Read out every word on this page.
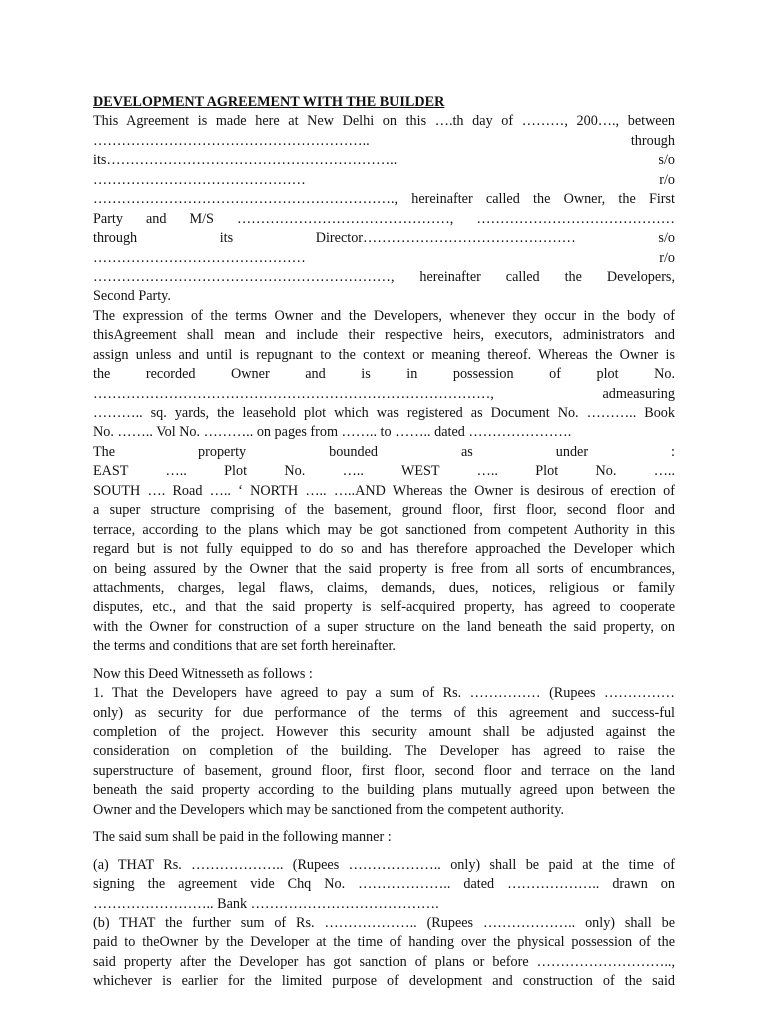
DEVELOPMENT AGREEMENT WITH THE BUILDER
This Agreement is made here at New Delhi on this ….th day of ………, 200…., between
………………………………………………….. through
its…………………………………………………….. s/o
……………………………………… r/o
………………………………………………………., hereinafter called the Owner, the First
Party and M/S ………………………………………, ……………………………………
through its Director……………………………………… s/o
……………………………………… r/o
………………………………………………………, hereinafter called the Developers,
Second Party.
The expression of the terms Owner and the Developers, whenever they occur in the body of
thisAgreement shall mean and include their respective heirs, executors, administrators and
assign unless and until is repugnant to the context or meaning thereof. Whereas the Owner is
the recorded Owner and is in possession of plot No.
…………………………………………………………………………, admeasuring
……….. sq. yards, the leasehold plot which was registered as Document No. ……….. Book
No. …….. Vol No. ……….. on pages from …….. to …….. dated ………………….
The property bounded as under :
EAST ….. Plot No. ….. WEST ….. Plot No. …..
SOUTH …. Road ….. ‘ NORTH ….. …..AND Whereas the Owner is desirous of erection of
a super structure comprising of the basement, ground floor, first floor, second floor and
terrace, according to the plans which may be got sanctioned from competent Authority in this
regard but is not fully equipped to do so and has therefore approached the Developer which
on being assured by the Owner that the said property is free from all sorts of encumbrances,
attachments, charges, legal flaws, claims, demands, dues, notices, religious or family
disputes, etc., and that the said property is self-acquired property, has agreed to cooperate
with the Owner for construction of a super structure on the land beneath the said property, on
the terms and conditions that are set forth hereinafter.
Now this Deed Witnesseth as follows :
1. That the Developers have agreed to pay a sum of Rs. …………… (Rupees ……………
only) as security for due performance of the terms of this agreement and success-ful
completion of the project. However this security amount shall be adjusted against the
consideration on completion of the building. The Developer has agreed to raise the
superstructure of basement, ground floor, first floor, second floor and terrace on the land
beneath the said property according to the building plans mutually agreed upon between the
Owner and the Developers which may be sanctioned from the competent authority.
The said sum shall be paid in the following manner :
(a) THAT Rs. ……………….. (Rupees ……………….. only) shall be paid at the time of
signing the agreement vide Chq No. ……………….. dated ……………….. drawn on
…………………….. Bank ………………………………….
(b) THAT the further sum of Rs. ……………….. (Rupees ……………….. only) shall be
paid to theOwner by the Developer at the time of handing over the physical possession of the
said property after the Developer has got sanction of plans or before ………………………..,
whichever is earlier for the limited purpose of development and construction of the said
